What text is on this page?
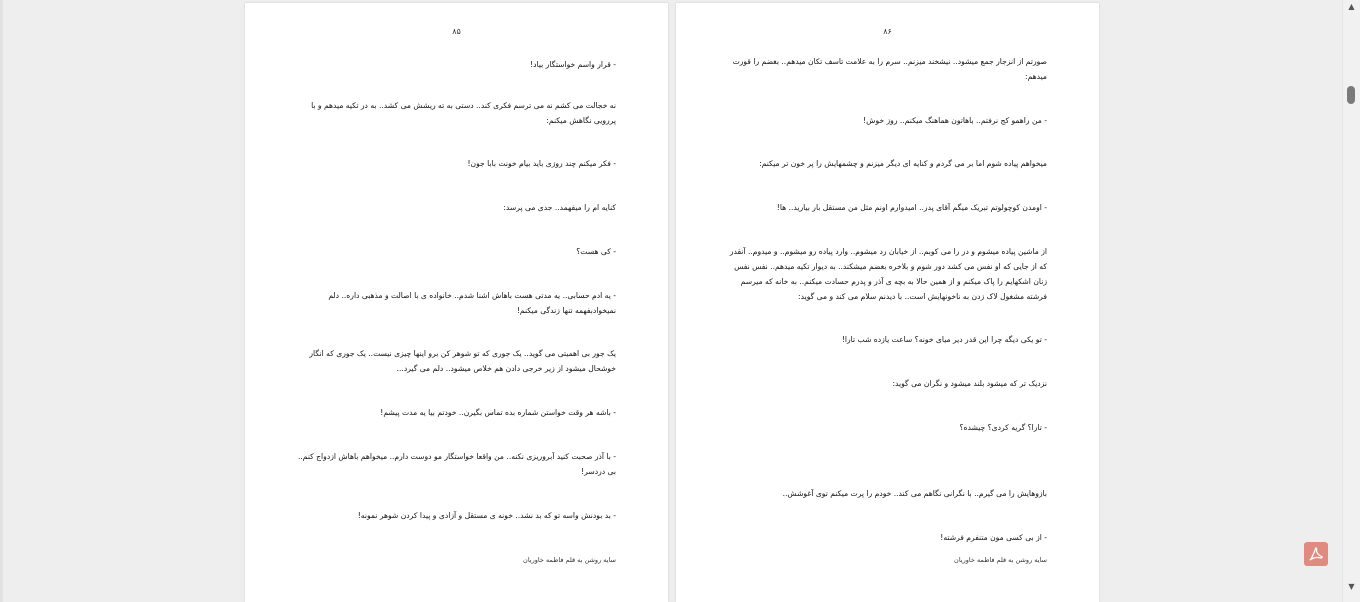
۸۵
- قرار واسم خواستگار بیاد!
نه خجالت می کشم نه می ترسم فکری کند.. دستی به ته ریشش می کشد.. به در تکیه میدهم و با پررویی نگاهش میکنم:
- فکر میکنم چند روزی باید بیام خونت بابا جون!
کنایه ام را میفهمد.. جدی می پرسد:
- کی هست؟
- یه ادم حسابی.. یه مدتی هست باهاش اشنا شدم.. خانواده ی با اصالت و مذهبی داره.. دلم نمیخوادبفهمه تنها زندگی میکنم!
یک جور بی اهمیتی می گوید.. یک جوری که تو شوهر کن برو اینها چیزی نیست.. یک جوری که انگار خوشحال میشود از زیر خرجی دادن هم خلاص میشود.. دلم می گیرد...
- باشه هر وقت خواستن شماره بده تماس بگیرن.. خودتم بیا یه مدت پیشم!
- با آذر صحبت کنید آبروریزی نکنه.. من واقعا خواستگار مو دوست دارم.. میخواهم باهاش ازدواج کنم.. بی دردسر!
- بد بودنش واسه تو که بد نشد.. خونه ی مستقل و آزادی و پیدا کردن شوهر نمونه!
سایه روشن به قلم فاطمه خاوریان
۸۶
صورتم از انزجار جمع میشود.. نیشخند میزنم.. سرم را به علامت تاسف تکان میدهم.. بغضم را قورت میدهم:
- من راهمو کج نرفتم.. باهاتون هماهنگ میکنم.. روز خوش!
میخواهم پیاده شوم اما بر می گردم و کنایه ای دیگر میزنم و چشمهایش را پر خون تر میکنم:
- اومدن کوچولوتم تبریک میگم آقای پدر.. امیدوارم اونم مثل من مستقل بار بیارید.. ها!
از ماشین پیاده میشوم و در را می کوبم.. از خیابان رد میشوم.. وارد پیاده رو میشوم.. و میدوم.. آنقدر که از جایی که او نفس می کشد دور شوم و بلاخره بغضم میشکند.. به دیوار تکیه میدهم.. نفس نفس زنان اشکهایم را پاک میکنم و از همین حالا به بچه ی آذر و پدرم حسادت میکنم.. به خانه که میرسم فرشته مشغول لاک زدن به ناخونهایش است.. با دیدنم سلام می کند و می گوید:
- تو یکی دیگه چرا این قدر دیر میای خونه؟ ساعت یازده شب تارا!
نزدیک تر که میشود بلند میشود و نگران می گوید:
- تارا؟ گریه کردی؟ چیشده؟
بازوهایش را می گیرم.. با نگرانی نگاهم می کند.. خودم را پرت میکنم توی آغوشش..
- از بی کسی مون متنفرم فرشته!
سایه روشن به قلم فاطمه خاوریان
▲
▼
